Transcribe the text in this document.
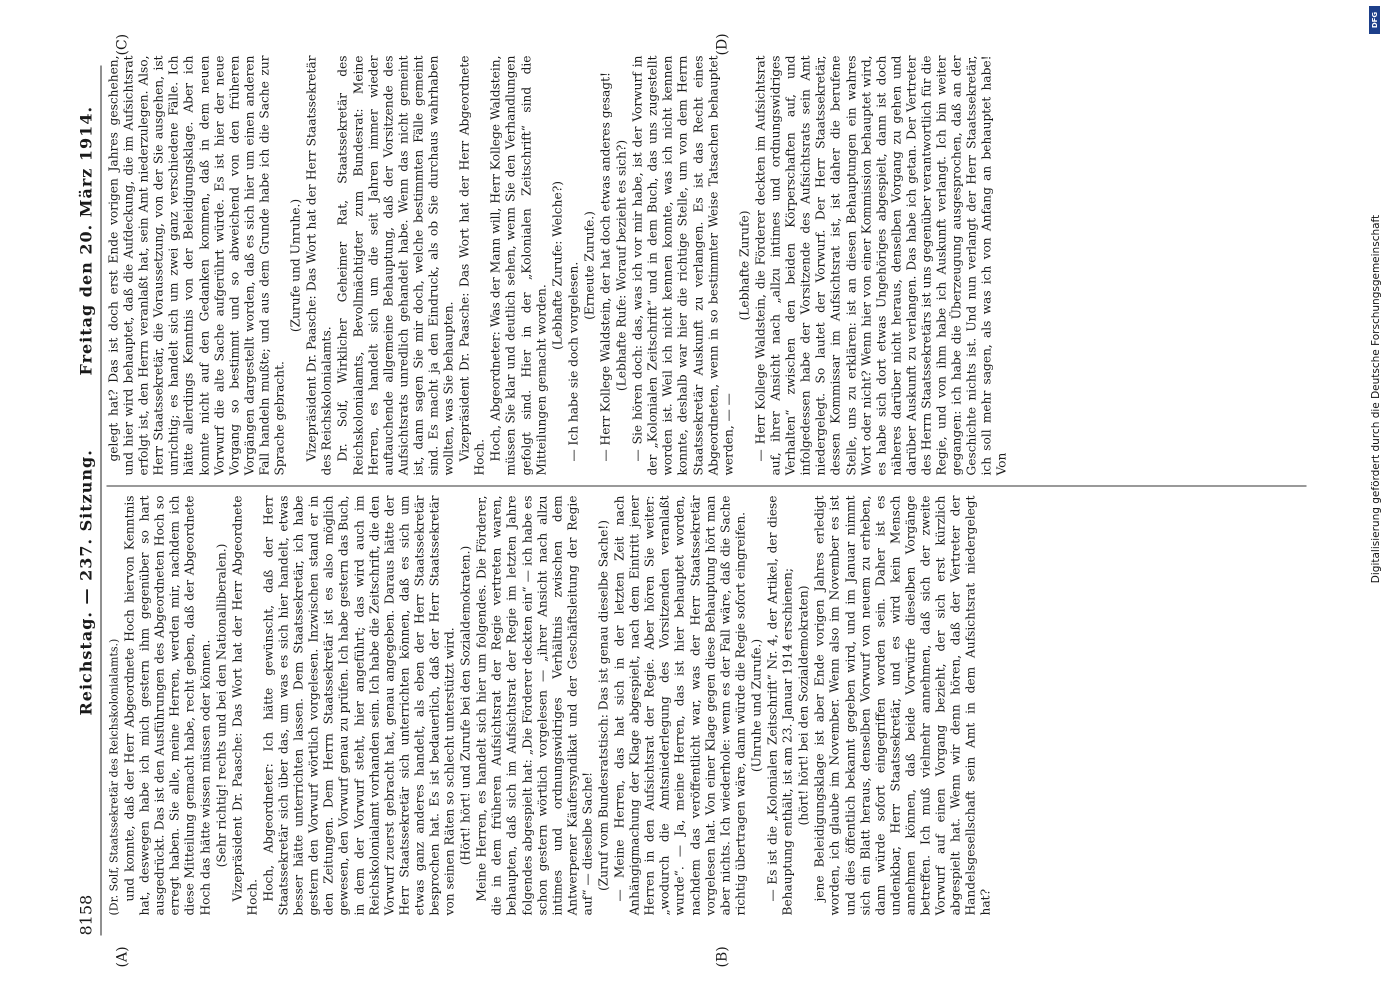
8158
Reichstag. — 237. Sitzung.
Freitag den 20. März 1914.
(A)	(B)
(C)	(D)

(Dr. Solf, Staatssekretär des Reichskolonialamts.) und konnte, daß der Herr Abgeordnete Hoch hiervon Kenntnis hat, deswegen habe ich mich gestern ihm gegenüber so hart ausgedrückt. Das ist den Ausführungen des Abgeordneten Hoch so erregt haben. Sie alle, meine Herren, werden mir, nachdem ich diese Mitteilung gemacht habe, recht geben, daß der Abgeordnete Hoch das hätte wissen müssen oder können. (Sehr richtig! rechts und bei den Nationalliberalen.) Vizepräsident Dr. Paasche: Das Wort hat der Herr Abgeordnete Hoch. Hoch, Abgeordneter: Ich hätte gewünscht, daß der Herr Staatssekretär sich über das, um was es sich hier handelt, etwas besser hätte unterrichten lassen. Dem Staatssekretär, ich habe gestern den Vorwurf wörtlich vorgelesen. Inzwischen stand er in den Zeitungen. Dem Herrn Staatssekretär ist es also möglich gewesen, den Vorwurf genau zu prüfen. Ich habe gestern das Buch, in dem der Vorwurf steht, hier angeführt; das wird auch im Reichskolonialamt vorhanden sein. Ich habe die Zeitschrift, die den Vorwurf zuerst gebracht hat, genau angegeben. Daraus hätte der Herr Staatssekretär sich unterrichten können, daß es sich um etwas ganz anderes handelt, als eben der Herr Staatssekretär besprochen hat. Es ist bedauerlich, daß der Herr Staatssekretär von seinen Räten so schlecht unterstützt wird. (Hört! hört! und Zurufe bei den Sozialdemokraten.) Meine Herren, es handelt sich hier um folgendes. Die Förderer, die in dem früheren Aufsichtsrat der Regie vertreten waren, behaupten, daß sich im Aufsichtsrat der Regie im letzten Jahre folgendes abgespielt hat: „Die Förderer deckten ein“ — ich habe es schon gestern wörtlich vorgelesen — „ihrer Ansicht nach allzu intimes und ordnungswidriges Verhältnis zwischen dem Antwerpener Käufersyndikat und der Geschäftsleitung der Regie auf“ — dieselbe Sache! (Zuruf vom Bundesratstisch: Das ist genau dieselbe Sache!) — Meine Herren, das hat sich in der letzten Zeit nach Anhängigmachung der Klage abgespielt, nach dem Eintritt jener Herren in den Aufsichtsrat der Regie. Aber hören Sie weiter: „wodurch die Amtsniederlegung des Vorsitzenden veranlaßt wurde“. — Ja, meine Herren, das ist hier behauptet worden, nachdem das veröffentlicht war, was der Herr Staatssekretär vorgelesen hat. Von einer Klage gegen diese Behauptung hört man aber nichts. Ich wiederhole: wenn es der Fall wäre, daß die Sache richtig übertragen wäre, dann würde die Regie sofort eingreifen. (Unruhe und Zurufe.) — Es ist die „Kolonialen Zeitschrift“ Nr. 4, der Artikel, der diese Behauptung enthält, ist am 23. Januar 1914 erschienen; (hört! hört! bei den Sozialdemokraten) jene Beleidigungsklage ist aber Ende vorigen Jahres erledigt worden, ich glaube im November. Wenn also im November es ist und dies öffentlich bekannt gegeben wird, und im Januar nimmt sich ein Blatt heraus, denselben Vorwurf von neuem zu erheben, dann würde sofort eingegriffen worden sein. Daher ist es undenkbar, Herr Staatssekretär, und es wird kein Mensch annehmen können, daß beide Vorwürfe dieselben Vorgänge betreffen. Ich muß vielmehr annehmen, daß sich der zweite Vorwurf auf einen Vorgang bezieht, der sich erst kürzlich abgespielt hat. Wenn wir denn hören, daß der Vertreter der Handelsgesellschaft sein Amt in dem Aufsichtsrat niedergelegt hat?

gelegt hat? Das ist doch erst Ende vorigen Jahres geschehen, und hier wird behauptet, daß die Aufdeckung, die im Aufsichtsrat erfolgt ist, den Herrn veranlaßt hat, sein Amt niederzulegen. Also, Herr Staatssekretär, die Voraussetzung, von der Sie ausgehen, ist unrichtig; es handelt sich um zwei ganz verschiedene Fälle. Ich hätte allerdings Kenntnis von der Beleidigungsklage. Aber ich konnte nicht auf den Gedanken kommen, daß in dem neuen Vorwurf die alte Sache aufgerührt würde. Es ist hier der neue Vorgang so bestimmt und so abweichend von den früheren Vorgängen dargestellt worden, daß es sich hier um einen anderen Fall handeln mußte; und aus dem Grunde habe ich die Sache zur Sprache gebracht.

(Zurufe und Unruhe.) Vizepräsident Dr. Paasche: Das Wort hat der Herr Staatssekretär des Reichskolonialamts. Dr. Solf, Wirklicher Geheimer Rat, Staatssekretär des Reichskolonialamts, Bevollmächtigter zum Bundesrat: Meine Herren, es handelt sich um die seit Jahren immer wieder auftauchende allgemeine Behauptung, daß der Vorsitzende des Aufsichtsrats unredlich gehandelt habe. Wenn das nicht gemeint ist, dann sagen Sie mir doch, welche bestimmten Fälle gemeint sind. Es macht ja den Eindruck, als ob Sie durchaus wahrhaben wollten, was Sie behaupten. Vizepräsident Dr. Paasche: Das Wort hat der Herr Abgeordnete Hoch. Hoch, Abgeordneter: Was der Mann will, Herr Kollege Waldstein, müssen Sie klar und deutlich sehen, wenn Sie den Verhandlungen gefolgt sind. Hier in der „Kolonialen Zeitschrift“ sind die Mitteilungen gemacht worden.

(Lebhafte Zurufe: Welche?) — Ich habe sie doch vorgelesen. (Erneute Zurufe.) — Herr Kollege Waldstein, der hat doch etwas anderes gesagt! (Lebhafte Rufe: Worauf bezieht es sich?) — Sie hören doch: das, was ich vor mir habe, ist der Vorwurf in der „Kolonialen Zeitschrift“ und in dem Buch, das uns zugestellt worden ist. Weil ich nicht kennen konnte, was ich nicht kennen konnte, deshalb war hier die richtige Stelle, um von dem Herrn Staatssekretär Auskunft zu verlangen. Es ist das Recht eines Abgeordneten, wenn in so bestimmter Weise Tatsachen behauptet werden, — —

(Lebhafte Zurufe) — Herr Kollege Waldstein, die Förderer deckten im Aufsichtsrat auf, ihrer Ansicht nach „allzu intimes und ordnungswidriges Verhalten“ zwischen den beiden Körperschaften auf, und infolgedessen habe der Vorsitzende des Aufsichtsrats sein Amt niedergelegt. So lautet der Vorwurf. Der Herr Staatssekretär, dessen Kommissar im Aufsichtsrat ist, ist daher die berufene Stelle, uns zu erklären: ist an diesen Behauptungen ein wahres Wort oder nicht? Wenn hier von einer Kommission behauptet wird, es habe sich dort etwas Ungehöriges abgespielt, dann ist doch näheres darüber nicht heraus, denselben Vorgang zu gehen und darüber Auskunft zu verlangen. Das habe ich getan. Der Vertreter des Herrn Staatssekretärs ist uns gegenüber verantwortlich für die Regie, und von ihm habe ich Auskunft verlangt. Ich bin weiter gegangen: ich habe die Überzeugung ausgesprochen, daß an der Geschichte nichts ist. Und nun verlangt der Herr Staatssekretär, ich soll mehr sagen, als was ich von Anfang an behauptet habe! Von	Digitalisierung gefördert durch die Deutsche Forschungsgemeinschaft
DFG
